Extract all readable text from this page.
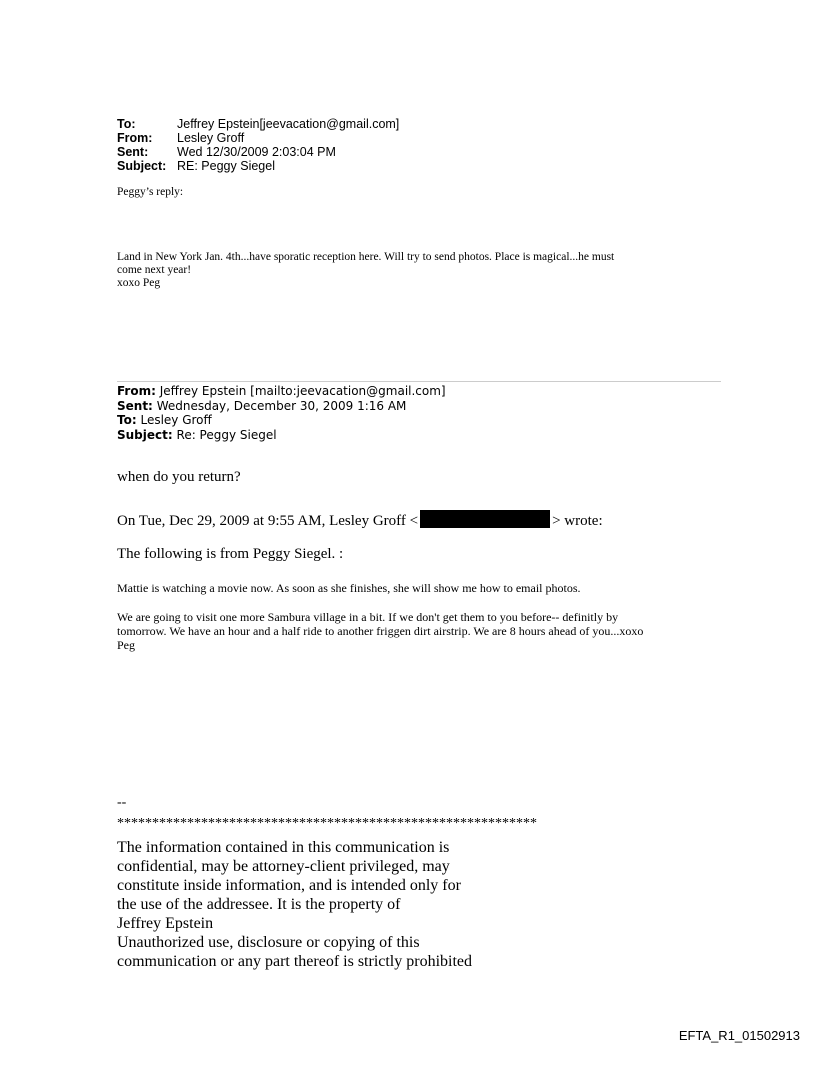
To:	Jeffrey Epstein[jeevacation@gmail.com]
From:	Lesley Groff
Sent:	Wed 12/30/2009 2:03:04 PM
Subject: RE: Peggy Siegel
Peggy’s reply:
Land in New York Jan. 4th...have sporatic reception here. Will try to send photos. Place is magical...he must
come next year!
xoxo Peg
From: Jeffrey Epstein [mailto:jeevacation@gmail.com]
Sent: Wednesday, December 30, 2009 1:16 AM
To: Lesley Groff
Subject: Re: Peggy Siegel
when do you return?
On Tue, Dec 29, 2009 at 9:55 AM, Lesley Groff <	> wrote:
The following is from Peggy Siegel. :
Mattie is watching a movie now. As soon as she finishes, she will show me how to email photos.
We are going to visit one more Sambura village in a bit. If we don't get them to you before-- definitly by
tomorrow. We have an hour and a half ride to another friggen dirt airstrip. We are 8 hours ahead of you...xoxo
Peg
--
************************************************************
The information contained in this communication is
confidential, may be attorney-client privileged, may
constitute inside information, and is intended only for
the use of the addressee. It is the property of
Jeffrey Epstein
Unauthorized use, disclosure or copying of this
communication or any part thereof is strictly prohibited
EFTA_R1_01502913
